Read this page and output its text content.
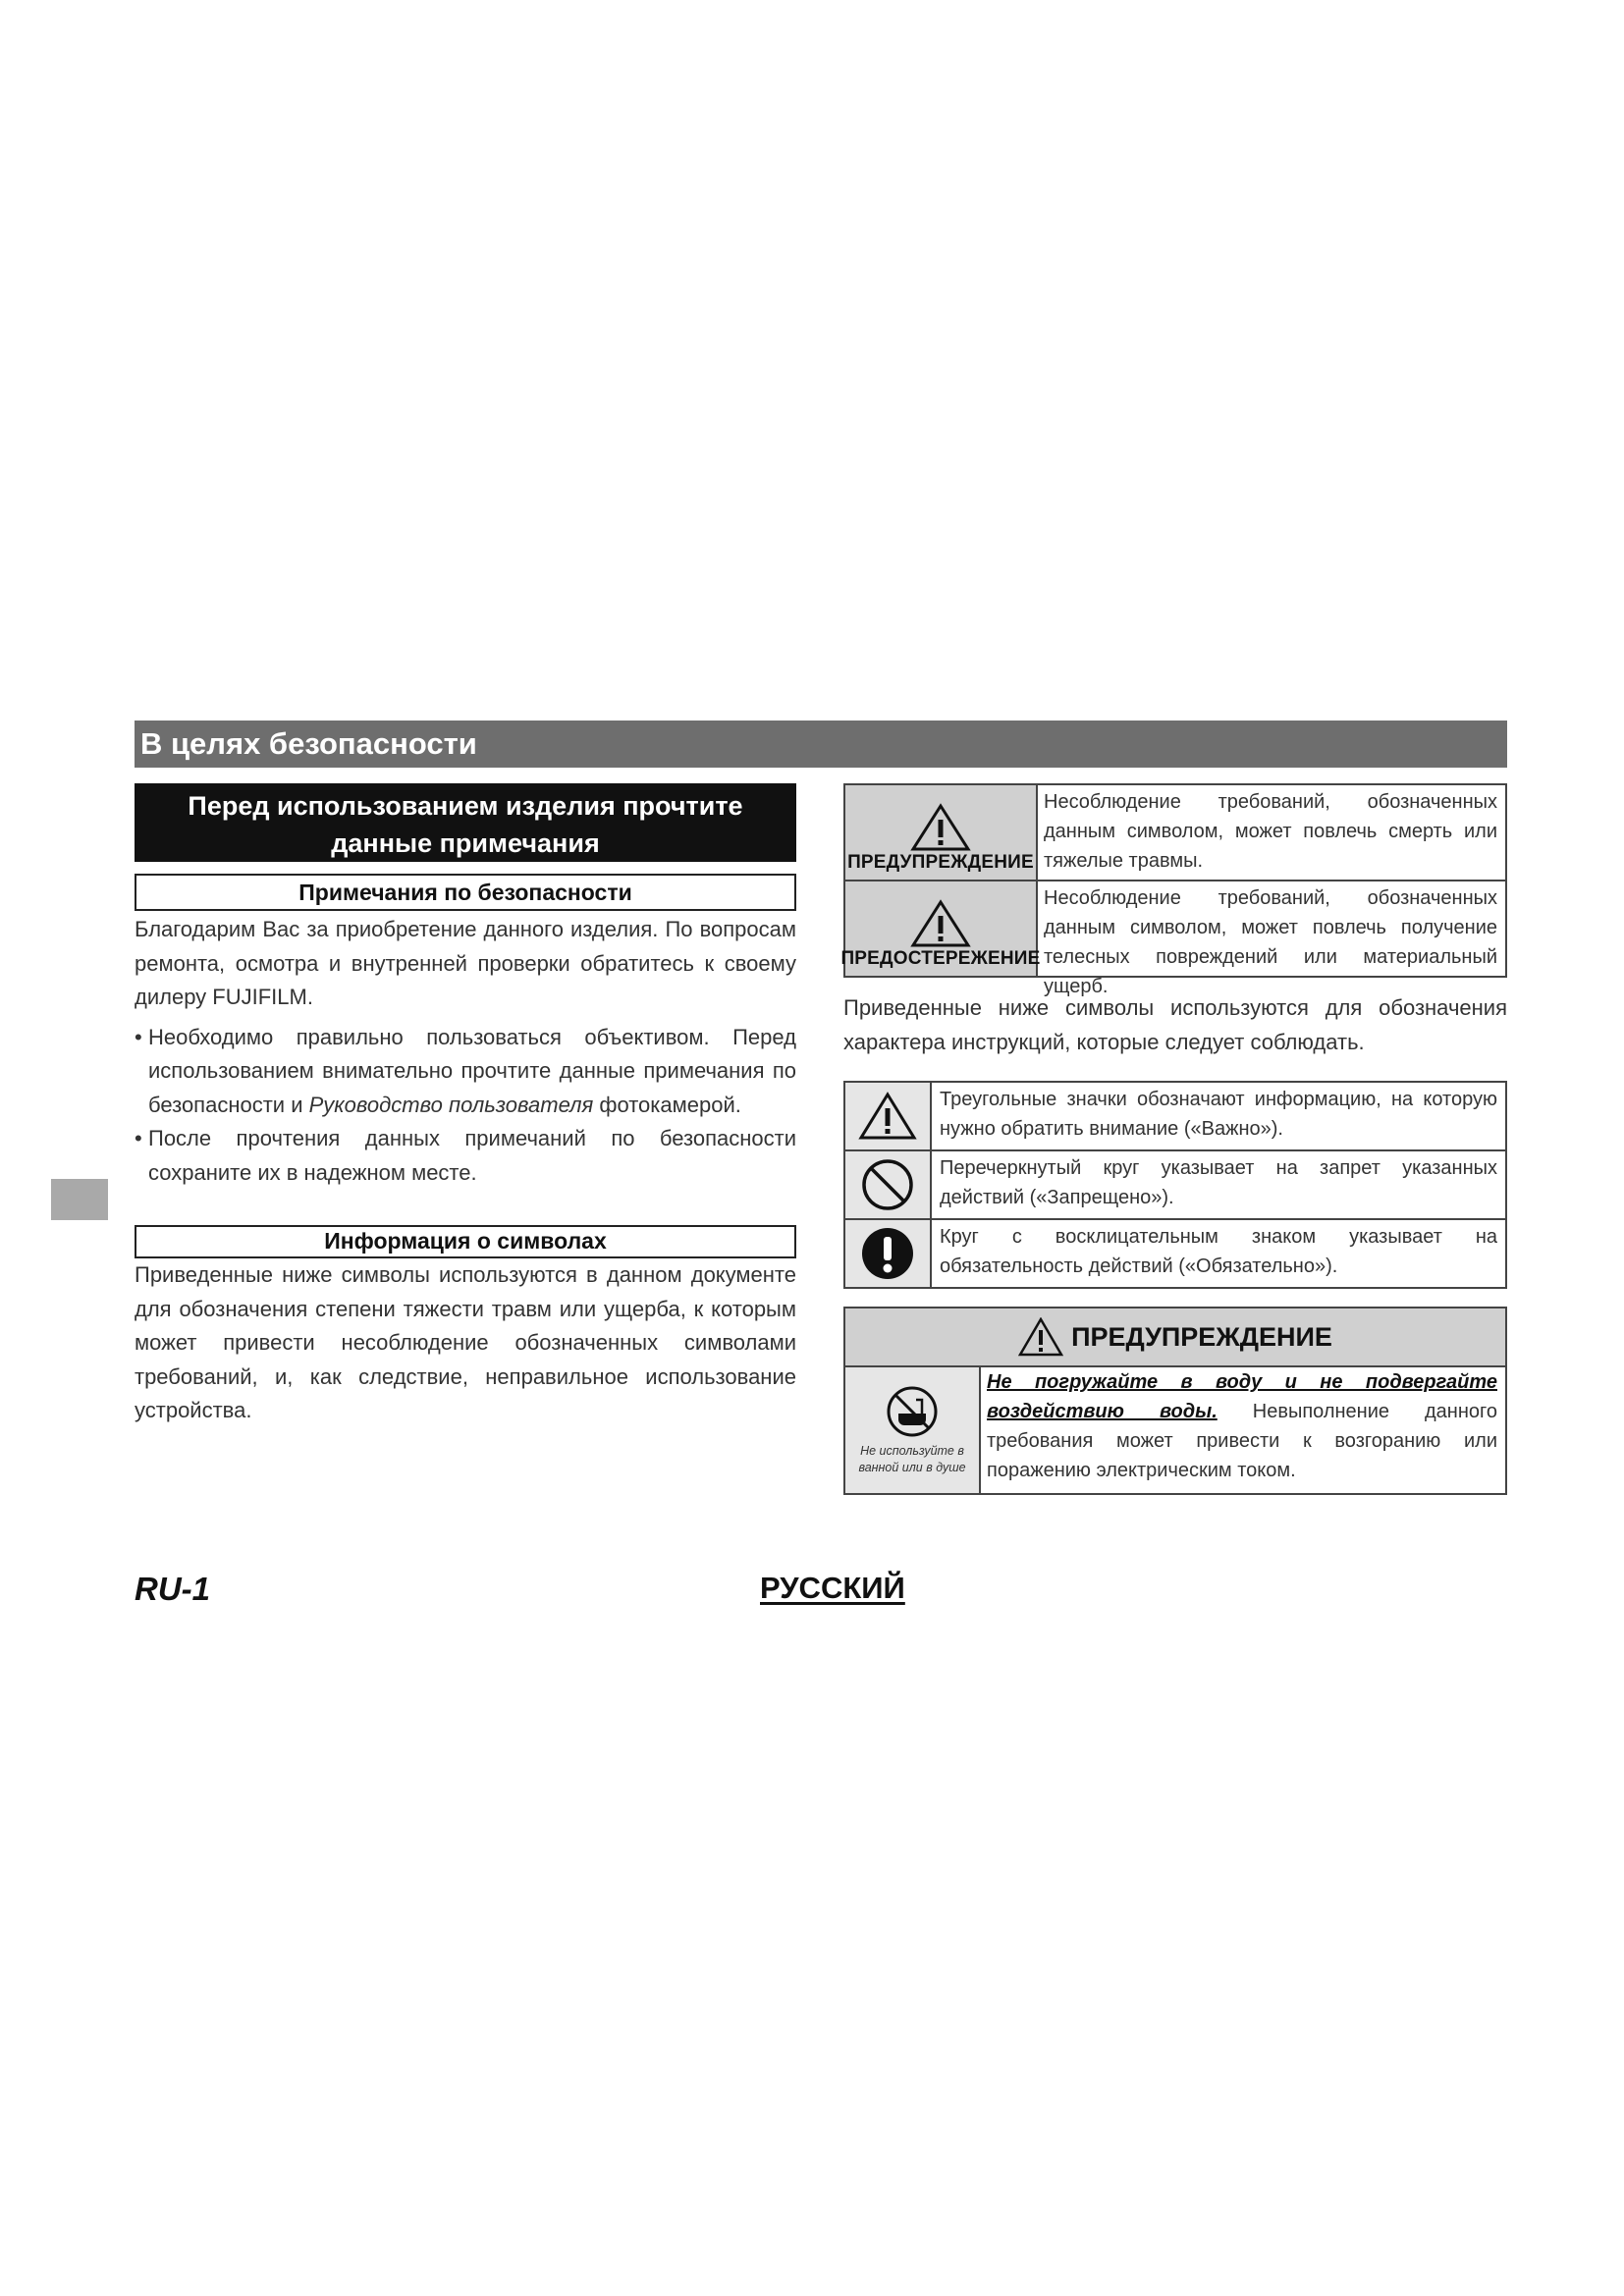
В целях безопасности
Перед использованием изделия прочтите данные примечания
Примечания по безопасности

Благодарим Вас за приобретение данного изделия. По вопросам ремонта, осмотра и внутренней проверки обратитесь к своему дилеру FUJIFILM.

• Необходимо правильно пользоваться объективом. Перед использованием внимательно прочтите данные примечания по безопасности и Руководство пользователя фотокамерой.
• После прочтения данных примечаний по безопасности сохраните их в надежном месте.
Информация о символах

Приведенные ниже символы используются в данном документе для обозначения степени тяжести травм или ущерба, к которым может привести несоблюдение обозначенных символами требований, и, как следствие, неправильное использование устройства.

ПРЕДУПРЕЖДЕНИЕ
Несоблюдение требований, обозначенных данным символом, может повлечь смерть или тяжелые травмы.
ПРЕДОСТЕРЕЖЕНИЕ
Несоблюдение требований, обозначенных данным символом, может повлечь получение телесных повреждений или материальный ущерб.

Приведенные ниже символы используются для обозначения характера инструкций, которые следует соблюдать.

Треугольные значки обозначают информацию, на которую нужно обратить внимание («Важно»).
Перечеркнутый круг указывает на запрет указанных действий («Запрещено»).
Круг с восклицательным знаком указывает на обязательность действий («Обязательно»).
ПРЕДУПРЕЖДЕНИЕ
Не используйте в ванной или в душе
Не погружайте в воду и не подвергайте воздействию воды. Невыполнение данного требования может привести к возгоранию или поражению электрическим током.
RU-1	РУССКИЙ
